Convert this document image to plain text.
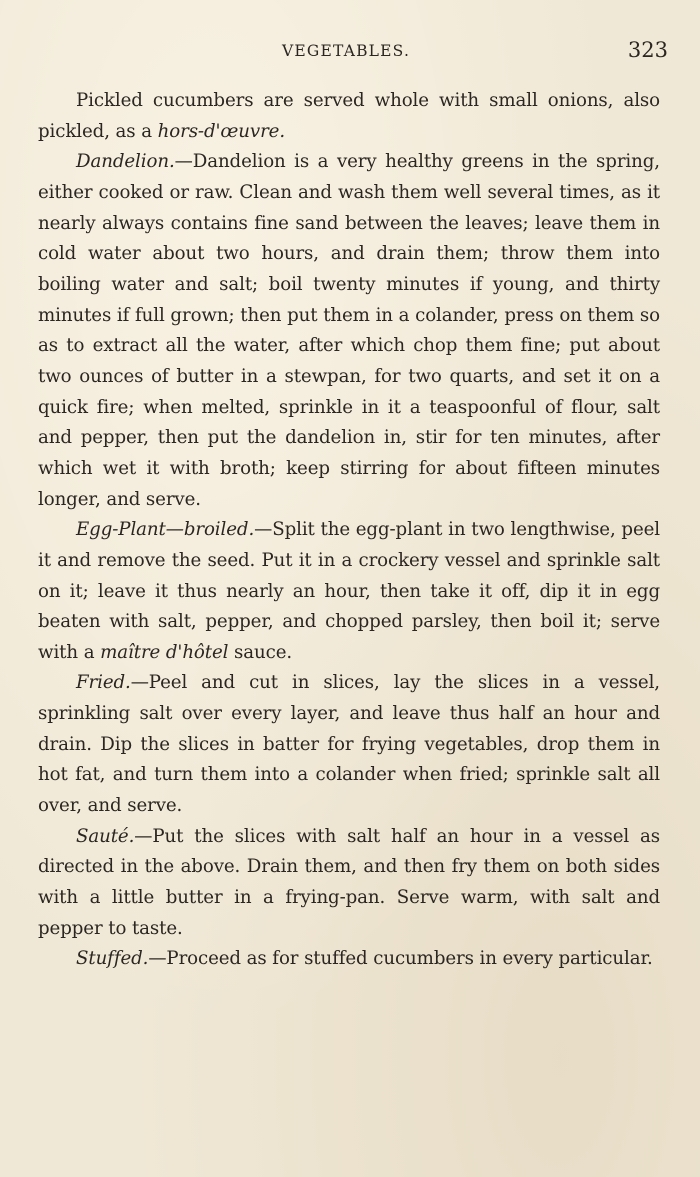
VEGETABLES.	323

Pickled cucumbers are served whole with small onions, also pickled, as a hors-d'œuvre.

Dandelion.—Dandelion is a very healthy greens in the spring, either cooked or raw. Clean and wash them well several times, as it nearly always contains fine sand between the leaves; leave them in cold water about two hours, and drain them; throw them into boiling water and salt; boil twenty minutes if young, and thirty minutes if full grown; then put them in a colander, press on them so as to extract all the water, after which chop them fine; put about two ounces of butter in a stewpan, for two quarts, and set it on a quick fire; when melted, sprinkle in it a teaspoonful of flour, salt and pepper, then put the dandelion in, stir for ten minutes, after which wet it with broth; keep stirring for about fifteen minutes longer, and serve.

Egg-Plant—broiled.—Split the egg-plant in two lengthwise, peel it and remove the seed. Put it in a crockery vessel and sprinkle salt on it; leave it thus nearly an hour, then take it off, dip it in egg beaten with salt, pepper, and chopped parsley, then boil it; serve with a maître d'hôtel sauce.

Fried.—Peel and cut in slices, lay the slices in a vessel, sprinkling salt over every layer, and leave thus half an hour and drain. Dip the slices in batter for frying vegetables, drop them in hot fat, and turn them into a colander when fried; sprinkle salt all over, and serve.

Sauté.—Put the slices with salt half an hour in a vessel as directed in the above. Drain them, and then fry them on both sides with a little butter in a frying-pan. Serve warm, with salt and pepper to taste.

Stuffed.—Proceed as for stuffed cucumbers in every particular.
